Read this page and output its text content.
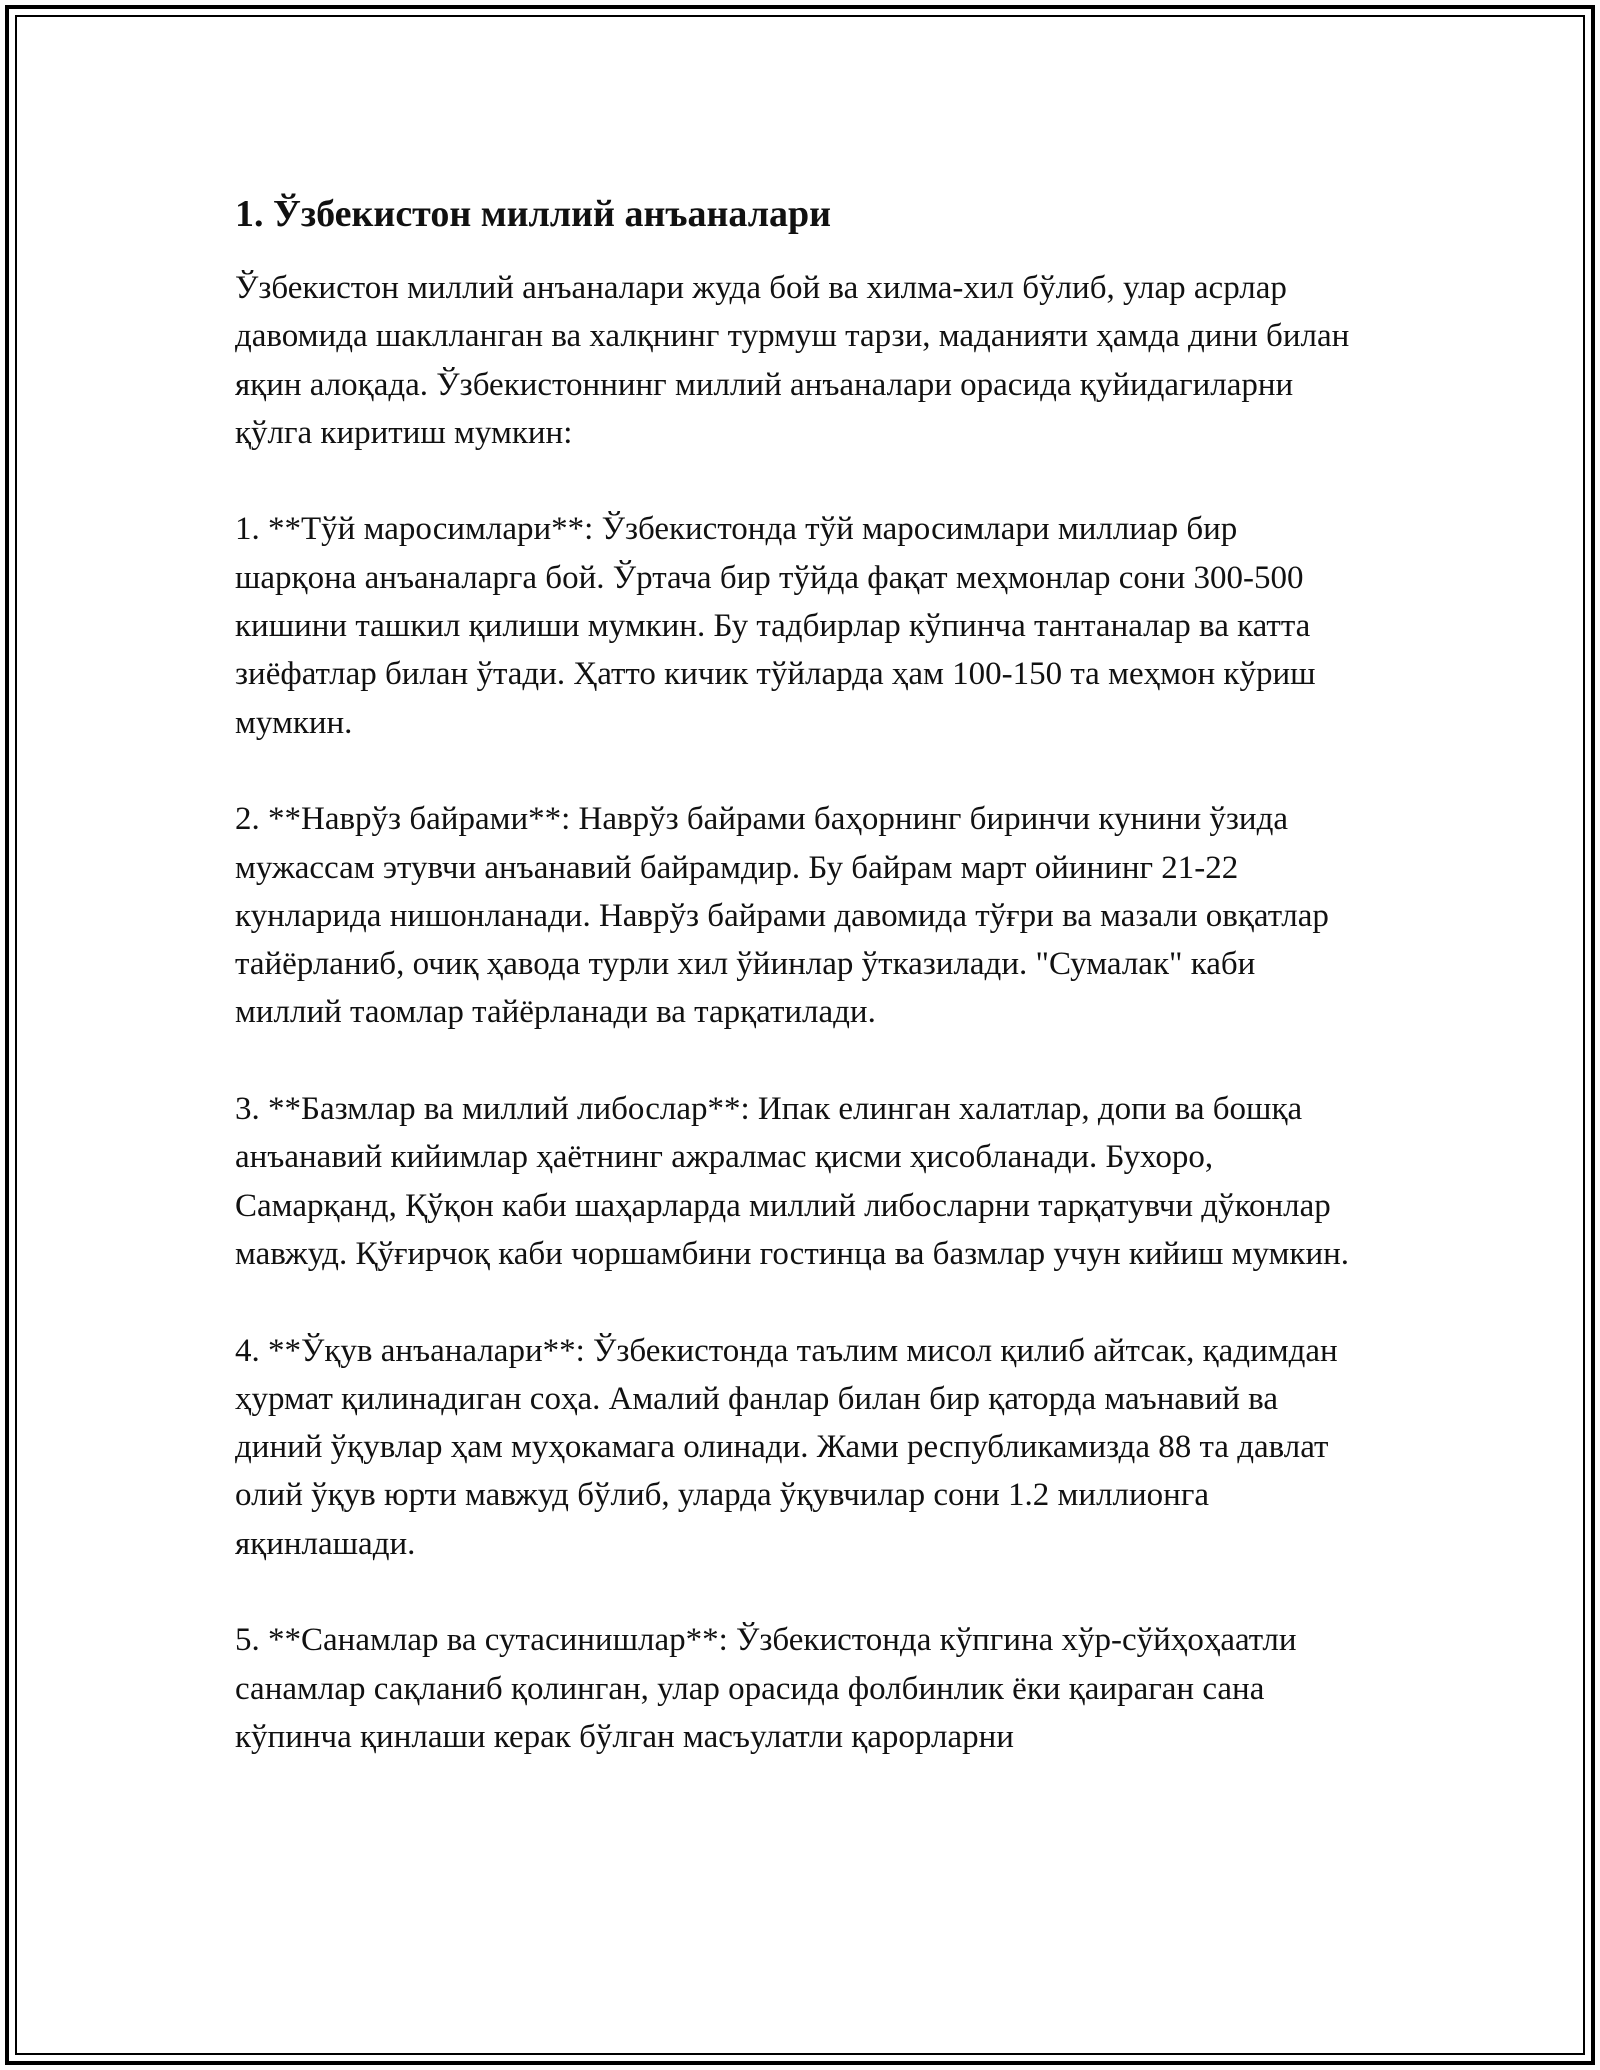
1. Ўзбекистон миллий анъаналари

Ўзбекистон миллий анъаналари жуда бой ва хилма-хил бўлиб, улар асрлар давомида шаклланган ва халқнинг турмуш тарзи, маданияти ҳамда дини билан яқин алоқада. Ўзбекистоннинг миллий анъаналари орасида қуйидагиларни қўлга киритиш мумкин:

1. **Тўй маросимлари**: Ўзбекистонда тўй маросимлари миллиар бир шарқона анъаналарга бой. Ўртача бир тўйда фақат меҳмонлар сони 300-500 кишини ташкил қилиши мумкин. Бу тадбирлар кўпинча тантаналар ва катта зиёфатлар билан ўтади. Ҳатто кичик тўйларда ҳам 100-150 та меҳмон кўриш мумкин.

2. **Наврўз байрами**: Наврўз байрами баҳорнинг биринчи кунини ўзида мужассам этувчи анъанавий байрамдир. Бу байрам март ойининг 21-22 кунларида нишонланади. Наврўз байрами давомида тўғри ва мазали овқатлар тайёрланиб, очиқ ҳавода турли хил ўйинлар ўтказилади. "Сумалак" каби миллий таомлар тайёрланади ва тарқатилади.

3. **Базмлар ва миллий либослар**: Ипак елинган халатлар, допи ва бошқа анъанавий кийимлар ҳаётнинг ажралмас қисми ҳисобланади. Бухоро, Самарқанд, Қўқон каби шаҳарларда миллий либосларни тарқатувчи дўконлар мавжуд. Қўғирчоқ каби чоршамбини гостинца ва базмлар учун кийиш мумкин.

4. **Ўқув анъаналари**: Ўзбекистонда таълим мисол қилиб айтсак, қадимдан ҳурмат қилинадиган соҳа. Амалий фанлар билан бир қаторда маънавий ва диний ўқувлар ҳам муҳокамага олинади. Жами республикамизда 88 та давлат олий ўқув юрти мавжуд бўлиб, уларда ўқувчилар сони 1.2 миллионга яқинлашади.

5. **Санамлар ва сутасинишлар**: Ўзбекистонда кўпгина хўр-сўйҳоҳаатли санамлар сақланиб қолинган, улар орасида фолбинлик ёки қаираган сана кўпинча қинлаши керак бўлган масъулатли қарорларни
